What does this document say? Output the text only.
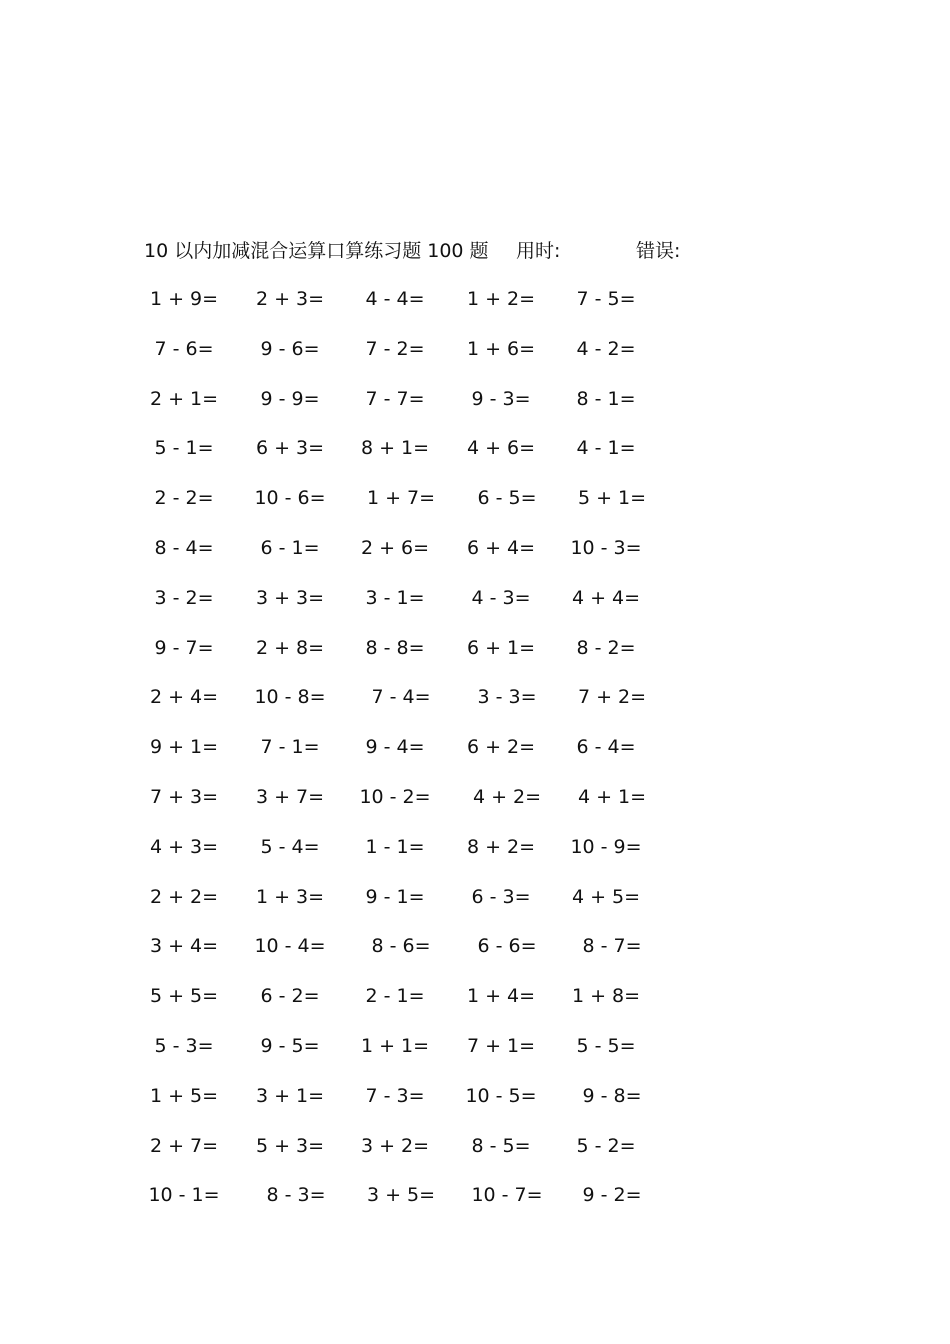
10 以内加减混合运算口算练习题 100 题 用时:	错误:
1 + 9=	2 + 3=	4 - 4=	1 + 2=	7 - 5=
7 - 6=	9 - 6=	7 - 2=	1 + 6=	4 - 2=
2 + 1=	9 - 9=	7 - 7=	9 - 3=	8 - 1=
5 - 1=	6 + 3=	8 + 1=	4 + 6=	4 - 1=
2 - 2=	10 - 6=	1 + 7=	6 - 5=	5 + 1=
8 - 4=	6 - 1=	2 + 6=	6 + 4=	10 - 3=
3 - 2=	3 + 3=	3 - 1=	4 - 3=	4 + 4=
9 - 7=	2 + 8=	8 - 8=	6 + 1=	8 - 2=
2 + 4=	10 - 8=	7 - 4=	3 - 3=	7 + 2=
9 + 1=	7 - 1=	9 - 4=	6 + 2=	6 - 4=
7 + 3=	3 + 7=	10 - 2=	4 + 2=	4 + 1=
4 + 3=	5 - 4=	1 - 1=	8 + 2=	10 - 9=
2 + 2=	1 + 3=	9 - 1=	6 - 3=	4 + 5=
3 + 4=	10 - 4=	8 - 6=	6 - 6=	8 - 7=
5 + 5=	6 - 2=	2 - 1=	1 + 4=	1 + 8=
5 - 3=	9 - 5=	1 + 1=	7 + 1=	5 - 5=
1 + 5=	3 + 1=	7 - 3=	10 - 5=	9 - 8=
2 + 7=	5 + 3=	3 + 2=	8 - 5=	5 - 2=
10 - 1=	8 - 3=	3 + 5=	10 - 7=	9 - 2=
